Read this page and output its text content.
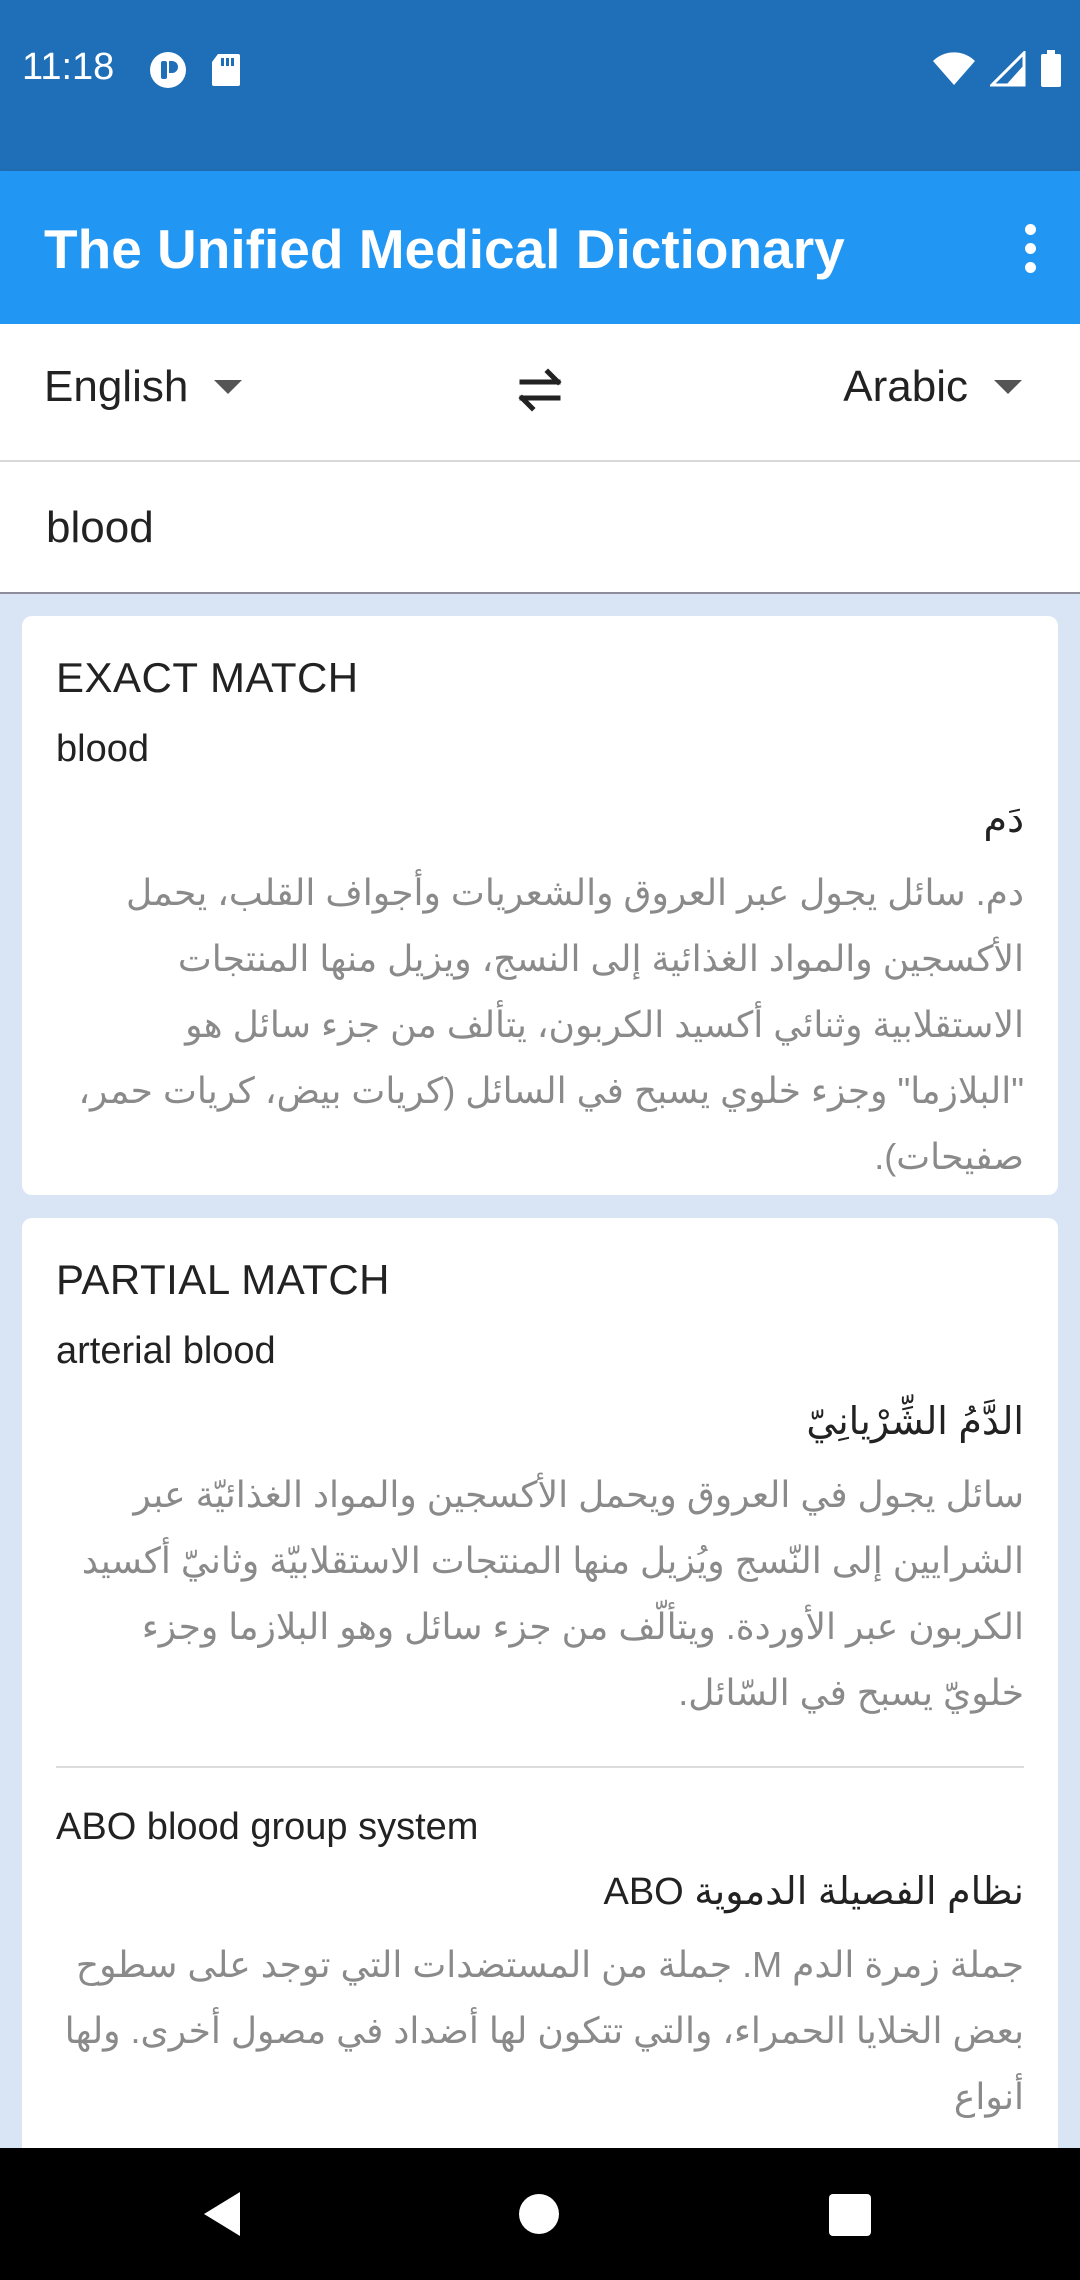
11:18
The Unified Medical Dictionary
English	Arabic
blood
EXACT MATCH
blood
دَم
دم. سائل يجول عبر العروق والشعريات وأجواف القلب، يحمل الأكسجين والمواد الغذائية إلى النسج، ويزيل منها المنتجات الاستقلابية وثنائي أكسيد الكربون، يتألف من جزء سائل هو "البلازما" وجزء خلوي يسبح في السائل (كريات بيض، كريات حمر، صفيحات).
PARTIAL MATCH
arterial blood
الدَّمُ الشِّرْيانِيّ
سائل يجول في العروق ويحمل الأكسجين والمواد الغذائيّة عبر الشرايين إلى النّسج ويُزيل منها المنتجات الاستقلابيّة وثانيّ أكسيد الكربون عبر الأوردة. ويتألّف من جزء سائل وهو البلازما وجزء خلويّ يسبح في السّائل.
ABO blood group system
نظام الفصيلة الدموية ABO
جملة زمرة الدم M. جملة من المستضدات التي توجد على سطوح بعض الخلايا الحمراء، والتي تتكون لها أضداد في مصول أخرى. ولها أنواع
